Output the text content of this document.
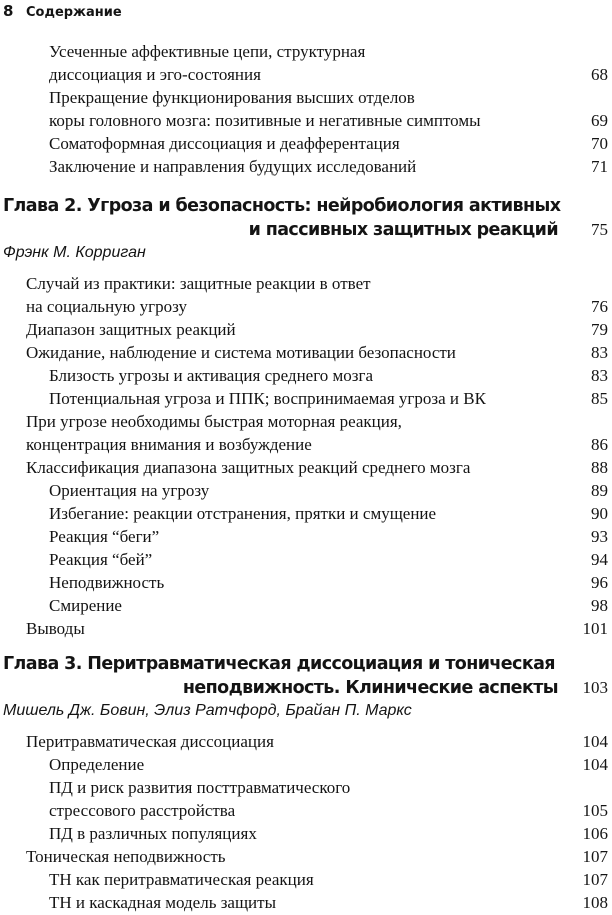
8 Содержание
Усеченные аффективные цепи, структурная
диссоциация и эго-состояния	68
Прекращение функционирования высших отделов
коры головного мозга: позитивные и негативные симптомы	69
Соматоформная диссоциация и деафферентация	70
Заключение и направления будущих исследований	71
Глава 2. Угроза и безопасность: нейробиология активных
и пассивных защитных реакций	75
Фрэнк М. Корриган
Случай из практики: защитные реакции в ответ
на социальную угрозу	76
Диапазон защитных реакций	79
Ожидание, наблюдение и система мотивации безопасности	83
Близость угрозы и активация среднего мозга	83
Потенциальная угроза и ППК; воспринимаемая угроза и ВК	85
При угрозе необходимы быстрая моторная реакция,
концентрация внимания и возбуждение	86
Классификация диапазона защитных реакций среднего мозга	88
Ориентация на угрозу	89
Избегание: реакции отстранения, прятки и смущение	90
Реакция “беги”	93
Реакция “бей”	94
Неподвижность	96
Смирение	98
Выводы	101
Глава 3. Перитравматическая диссоциация и тоническая
неподвижность. Клинические аспекты	103
Мишель Дж. Бовин, Элиз Ратчфорд, Брайан П. Маркс
Перитравматическая диссоциация	104
Определение	104
ПД и риск развития посттравматического
стрессового расстройства	105
ПД в различных популяциях	106
Тоническая неподвижность	107
ТН как перитравматическая реакция	107
ТН и каскадная модель защиты	108
